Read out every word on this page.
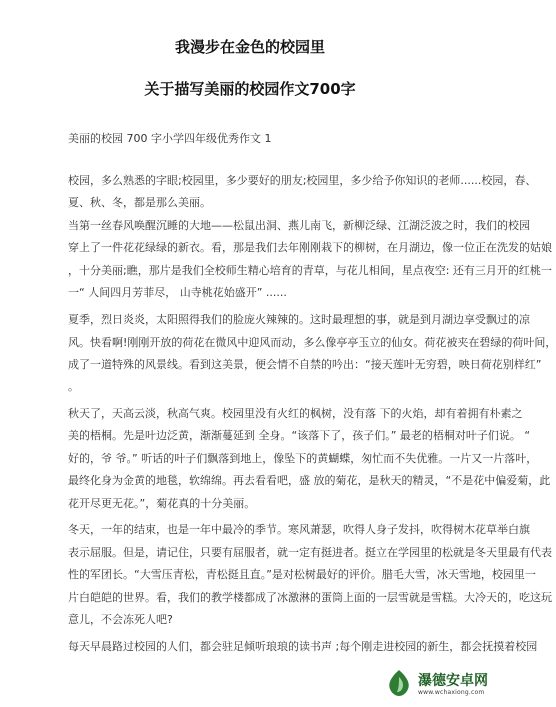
我漫步在金色的校园里

关于描写美丽的校园作文700字

美丽的校园 700 字小学四年级优秀作文 1

校园，多么熟悉的字眼;校园里，多少要好的朋友;校园里，多少给予你知识的老师......校园，春、

夏、秋、冬，都是那么美丽。

当第一丝春风唤醒沉睡的大地——松鼠出洞、燕儿南飞，新柳泛绿、江湖泛波之时，我们的校园

穿上了一件花花绿绿的新衣。看，那是我们去年刚刚栽下的柳树，在月湖边，像一位正在洗发的姑娘

，十分美丽;瞧，那片是我们全校师生精心培育的青草，与花儿相间，星点夜空: 还有三月开的红桃一

一“ 人间四月芳菲尽， 山寺桃花始盛开” ......

夏季，烈日炎炎，太阳照得我们的脸庞火辣辣的。这时最理想的事，就是到月湖边享受飘过的凉

风。快看啊!刚刚开放的荷花在微风中迎风而动，多么像亭亭玉立的仙女。荷花被夹在碧绿的荷叶间，

成了一道特殊的风景线。看到这美景，便会情不自禁的吟出：“接天莲叶无穷碧，映日荷花别样红”

。

秋天了，天高云淡，秋高气爽。校园里没有火红的枫树，没有落 下的火焰，却有着拥有朴素之

美的梧桐。先是叶边泛黄，渐渐蔓延到 全身。“该落下了，孩子们。” 最老的梧桐对叶子们说。 “

好的，爷 爷。” 听话的叶子们飘落到地上，像坠下的黄蝴蝶，匆忙而不失优雅。一片又一片落叶，

最终化身为金黄的地毯，软绵绵。再去看看吧，盛 放的菊花，是秋天的精灵，“不是花中偏爱菊，此

花开尽更无花。”，菊花真的十分美丽。

冬天，一年的结束，也是一年中最冷的季节。寒风萧瑟，吹得人身子发抖，吹得树木花草举白旗

表示屈服。但是，请记住，只要有屈服者，就一定有挺进者。挺立在学园里的松就是冬天里最有代表

性的军团长。“大雪压青松，青松挺且直。”是对松树最好的评价。腊毛大雪，冰天雪地，校园里一

片白皑皑的世界。看，我们的教学楼都成了冰激淋的蛋筒上面的一层雪就是雪糕。大冷天的，吃这玩

意儿，不会冻死人吧?

每天早晨路过校园的人们，都会驻足倾听琅琅的读书声 ;每个刚走进校园的新生，都会抚摸着校园

瀑德安卓网
www.wchaxiong.com
